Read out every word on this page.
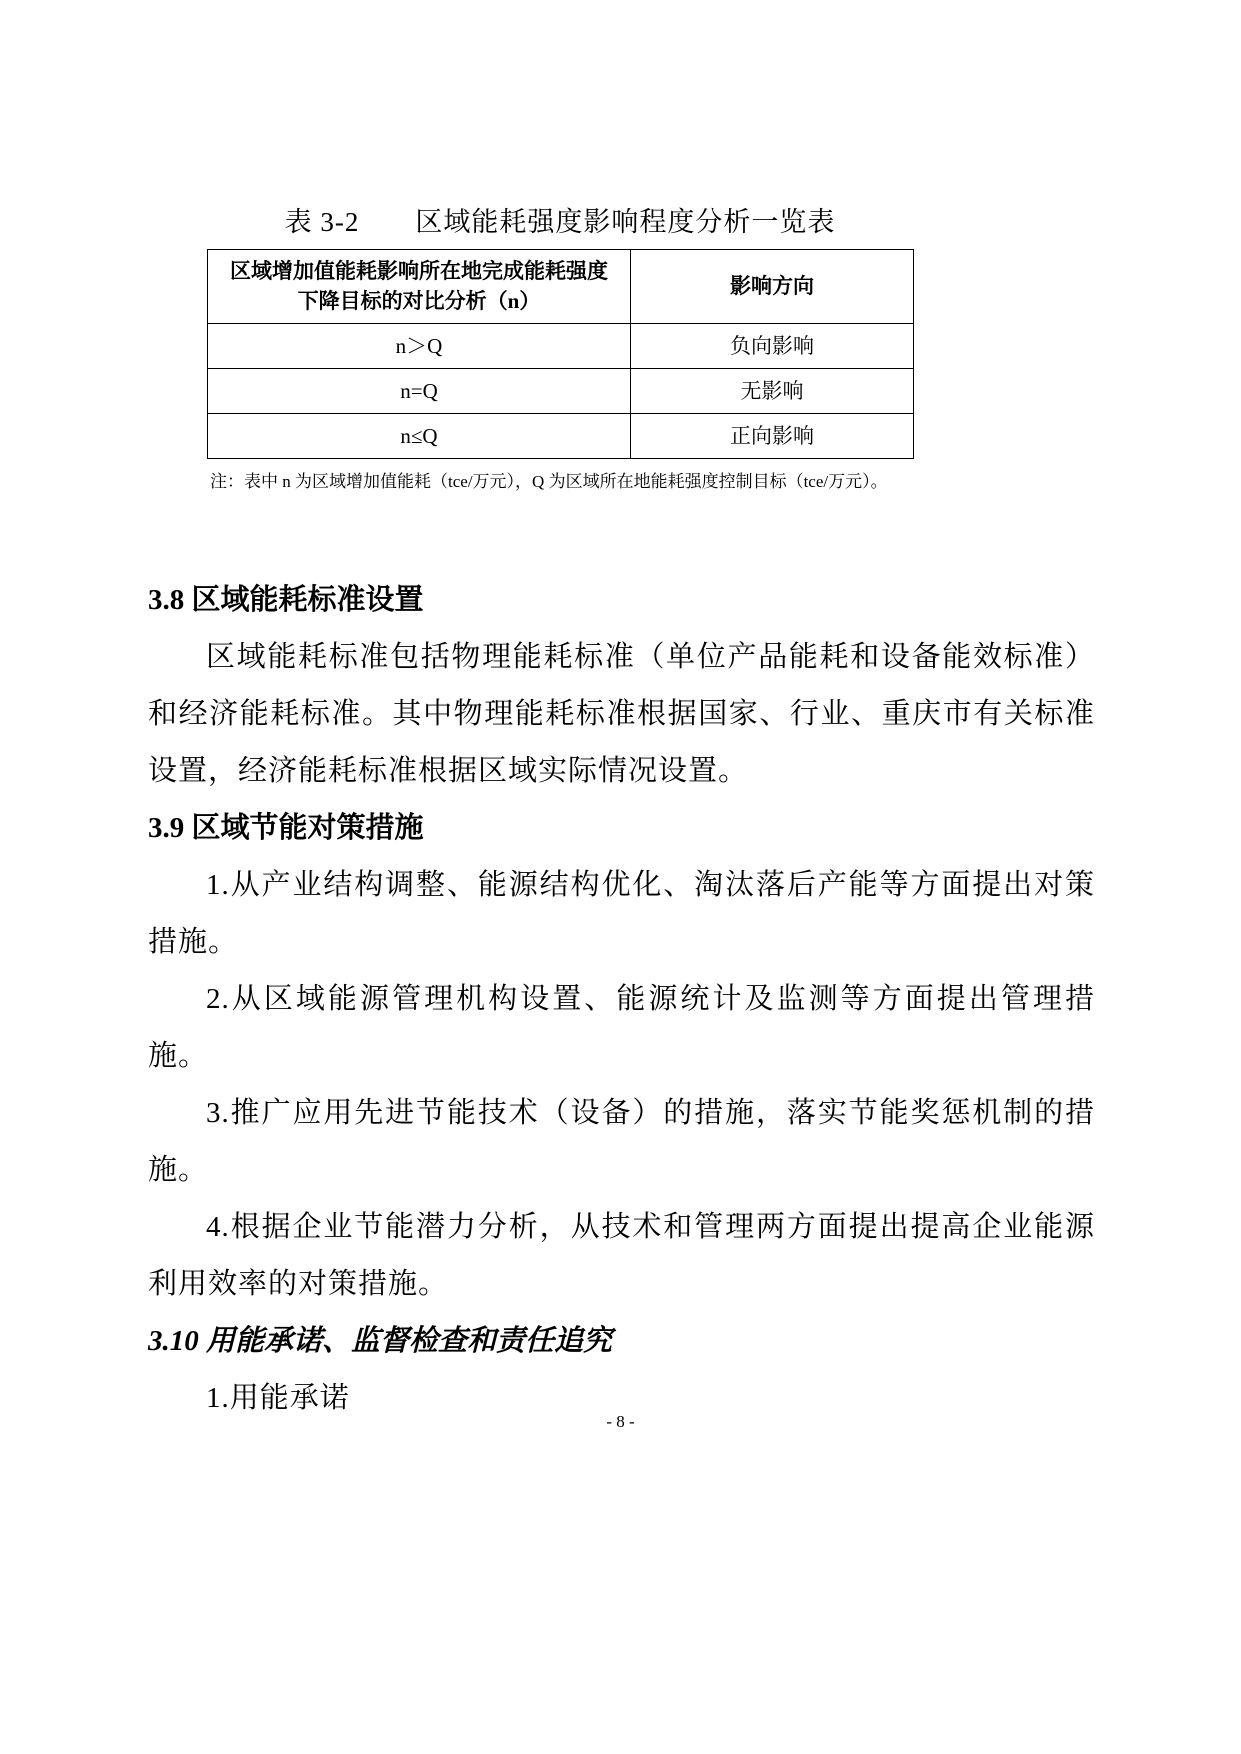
表 3-2　　区域能耗强度影响程度分析一览表
区域增加值能耗影响所在地完成能耗强度下降目标的对比分析（n）	影响方向
n＞Q	负向影响
n=Q	无影响
n≤Q	正向影响
注：表中 n 为区域增加值能耗（tce/万元），Q 为区域所在地能耗强度控制目标（tce/万元）。
3.8 区域能耗标准设置

区域能耗标准包括物理能耗标准（单位产品能耗和设备能效标准）和经济能耗标准。其中物理能耗标准根据国家、行业、重庆市有关标准设置，经济能耗标准根据区域实际情况设置。

3.9 区域节能对策措施

1.从产业结构调整、能源结构优化、淘汰落后产能等方面提出对策措施。

2.从区域能源管理机构设置、能源统计及监测等方面提出管理措施。

3.推广应用先进节能技术（设备）的措施，落实节能奖惩机制的措施。

4.根据企业节能潜力分析，从技术和管理两方面提出提高企业能源利用效率的对策措施。

3.10 用能承诺、监督检查和责任追究

1.用能承诺

- 8 -
